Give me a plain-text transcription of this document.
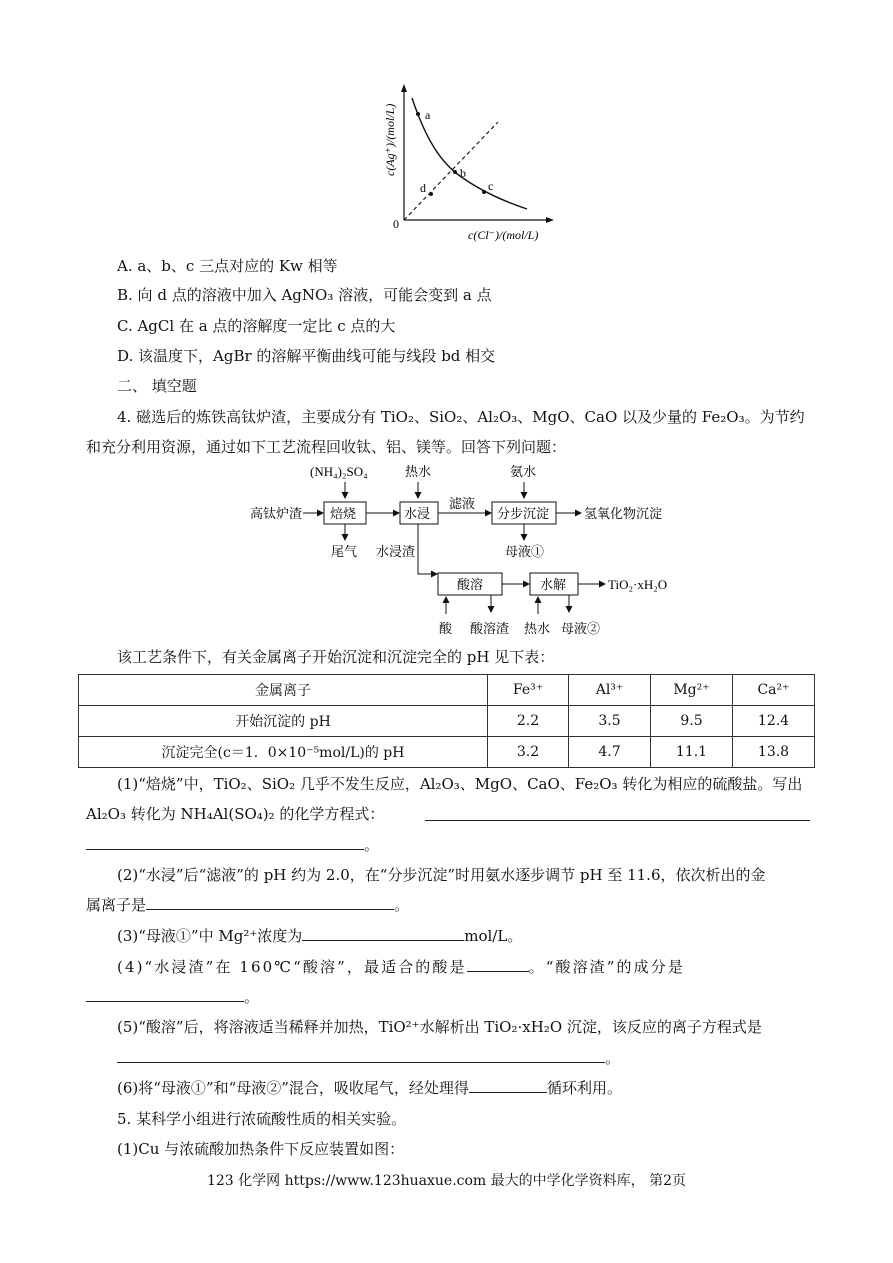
a
b
c
d
0
c(Cl⁻)/(mol/L)
c(Ag⁺)/(mol/L)
A. a、b、c 三点对应的 Kw 相等
B. 向 d 点的溶液中加入 AgNO₃ 溶液，可能会变到 a 点
C. AgCl 在 a 点的溶解度一定比 c 点的大
D. 该温度下，AgBr 的溶解平衡曲线可能与线段 bd 相交
二、 填空题
4. 磁选后的炼铁高钛炉渣，主要成分有 TiO₂、SiO₂、Al₂O₃、MgO、CaO 以及少量的 Fe₂O₃。为节约
和充分利用资源，通过如下工艺流程回收钛、铝、镁等。回答下列问题：
(NH₄)₂SO₄	热水	氨水
高钛炉渣 焙烧	水浸
滤液
分步沉淀	氢氧化物沉淀
尾气	母液①
水浸渣
酸溶	水解	TiO₂·xH₂O
酸 酸溶渣 热水 母液②
该工艺条件下，有关金属离子开始沉淀和沉淀完全的 pH 见下表：
金属离子	Fe³⁺	Al³⁺	Mg²⁺	Ca²⁺
开始沉淀的 pH	2.2	3.5	9.5	12.4
沉淀完全(c＝1．0×10⁻⁵mol/L)的 pH	3.2	4.7	11.1	13.8
(1)“焙烧”中，TiO₂、SiO₂ 几乎不发生反应，Al₂O₃、MgO、CaO、Fe₂O₃ 转化为相应的硫酸盐。写出
Al₂O₃ 转化为 NH₄Al(SO₄)₂ 的化学方程式：
。
(2)“水浸”后“滤液”的 pH 约为 2.0，在“分步沉淀”时用氨水逐步调节 pH 至 11.6，依次析出的金
属离子是	。
(3)“母液①”中 Mg²⁺浓度为	mol/L。
(4)“水浸渣”在 160℃“酸溶”，最适合的酸是	。“酸溶渣”的成分是
。
(5)“酸溶”后，将溶液适当稀释并加热，TiO²⁺水解析出 TiO₂·xH₂O 沉淀，该反应的离子方程式是
。
(6)将“母液①”和“母液②”混合，吸收尾气，经处理得	循环利用。
5. 某科学小组进行浓硫酸性质的相关实验。
(1)Cu 与浓硫酸加热条件下反应装置如图：
123 化学网 https://www.123huaxue.com 最大的中学化学资料库， 第2页
